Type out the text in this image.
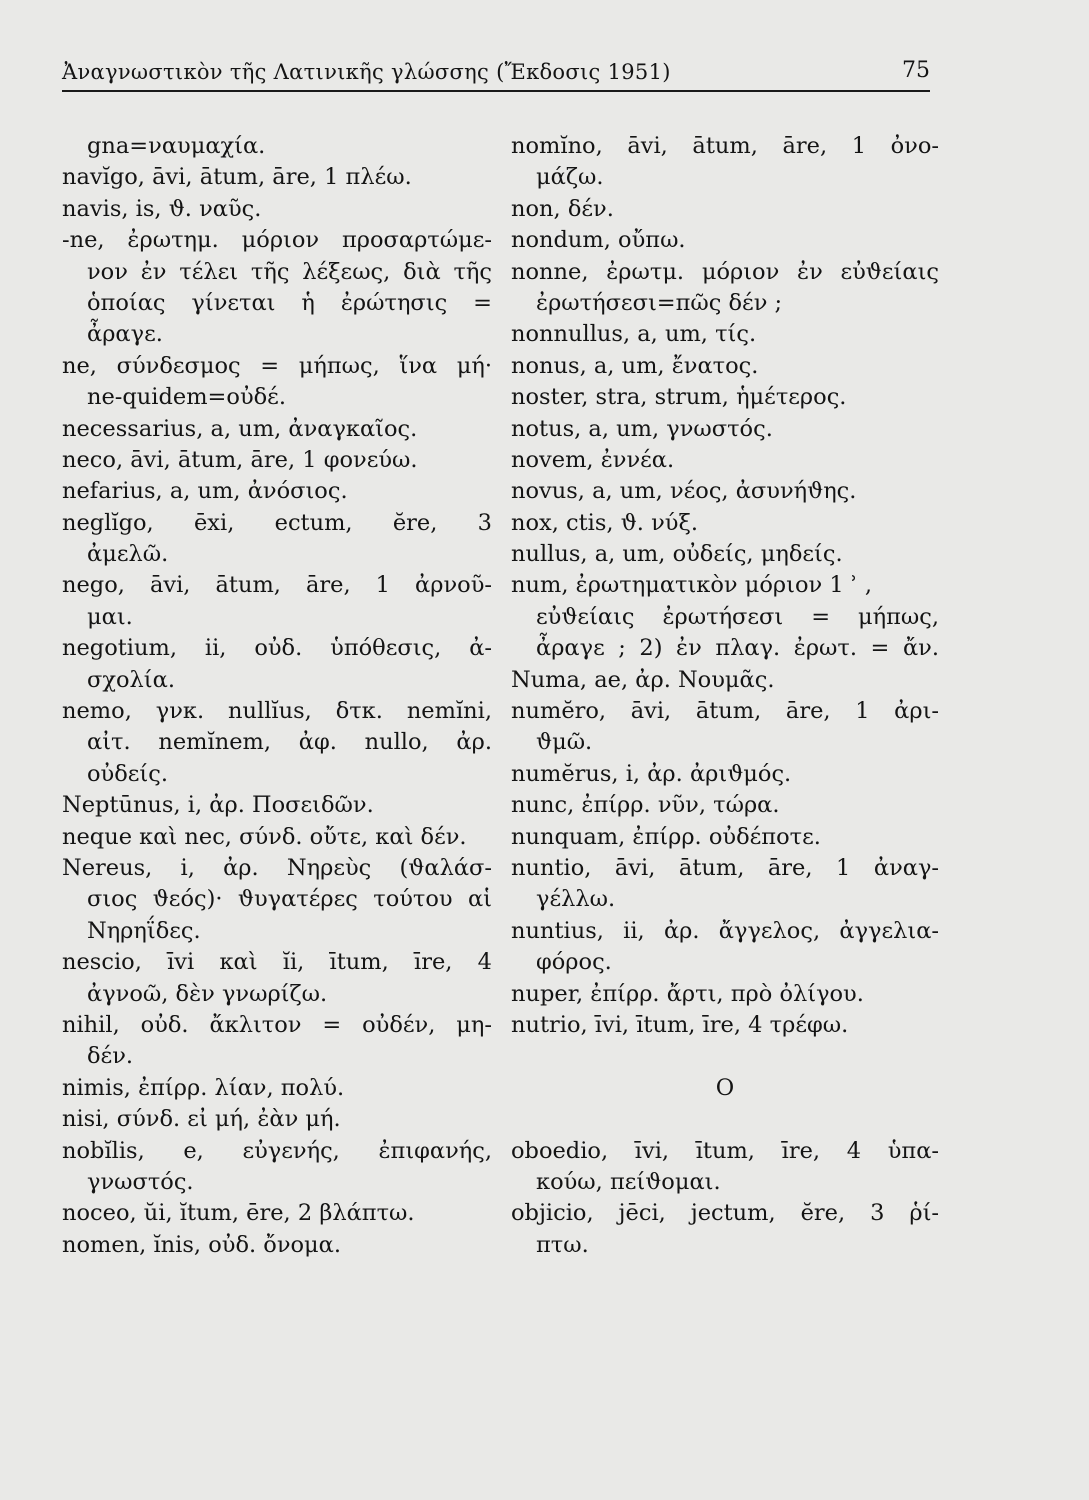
Ἀναγνωστικὸν τῆς Λατινικῆς γλώσσης (Ἔκδοσις 1951)	75
gna=ναυμαχία.
navĭgo, āvi, ātum, āre, 1 πλέω.
navis, is, ϑ. ναῦς.
-ne, ἐρωτημ. μόριον προσαρτώμε-
νον ἐν τέλει τῆς λέξεως, διὰ τῆς
ὁποίας γίνεται ἡ ἐρώτησις =
ἆραγε.
ne, σύνδεσμος = μήπως, ἵνα μή·
ne-quidem=οὐδέ.
necessarius, a, um, ἀναγκαῖος.
neco, āvi, ātum, āre, 1 φονεύω.
nefarius, a, um, ἀνόσιος.
neglĭgo, ēxi, ectum, ĕre, 3
ἀμελῶ.
nego, āvi, ātum, āre, 1 ἀρνοῦ-
μαι.
negotium, ii, οὐδ. ὑπόθεσις, ἀ-
σχολία.
nemo, γνκ. nullĭus, δτκ. nemĭni,
αἰτ. nemĭnem, ἀφ. nullo, ἀρ.
οὐδείς.
Neptūnus, i, ἀρ. Ποσειδῶν.
neque καὶ nec, σύνδ. οὔτε, καὶ δέν.
Nereus, i, ἀρ. Νηρεὺς (ϑαλάσ-
σιος ϑεός)· ϑυγατέρες τούτου αἱ
Νηρηΐδες.
nescio, īvi καὶ ĭi, ītum, īre, 4
ἀγνοῶ, δὲν γνωρίζω.
nihil, οὐδ. ἄκλιτον = οὐδέν, μη-
δέν.
nimis, ἐπίρρ. λίαν, πολύ.
nisi, σύνδ. εἰ μή, ἐὰν μή.
nobĭlis, e, εὐγενής, ἐπιφανής,
γνωστός.
noceo, ŭi, ĭtum, ēre, 2 βλάπτω.
nomen, ĭnis, οὐδ. ὄνομα.
nomĭno, āvi, ātum, āre, 1 ὀνο-
μάζω.
non, δέν.
nondum, οὔπω.
nonne, ἐρωτμ. μόριον ἐν εὐϑείαις
ἐρωτήσεσι=πῶς δέν ;
nonnullus, a, um, τίς.
nonus, a, um, ἔνατος.
noster, stra, strum, ἡμέτερος.
notus, a, um, γνωστός.
novem, ἐννέα.
novus, a, um, νέος, ἀσυνήϑης.
nox, ctis, ϑ. νύξ.
nullus, a, um, οὐδείς, μηδείς.
num, ἐρωτηματικὸν μόριον 1 ʾ ,
εὐϑείαις ἐρωτήσεσι = μήπως,
ἆραγε ; 2) ἐν πλαγ. ἐρωτ. = ἄν.
Numa, ae, ἀρ. Νουμᾶς.
numĕro, āvi, ātum, āre, 1 ἀρι-
ϑμῶ.
numĕrus, i, ἀρ. ἀριϑμός.
nunc, ἐπίρρ. νῦν, τώρα.
nunquam, ἐπίρρ. οὐδέποτε.
nuntio, āvi, ātum, āre, 1 ἀναγ-
γέλλω.
nuntius, ii, ἀρ. ἄγγελος, ἀγγελια-
φόρος.
nuper, ἐπίρρ. ἄρτι, πρὸ ὀλίγου.
nutrio, īvi, ītum, īre, 4 τρέφω.
O
oboedio, īvi, ītum, īre, 4 ὑπα-
κούω, πείϑομαι.
objicio, jēci, jectum, ĕre, 3 ῥί-
πτω.
